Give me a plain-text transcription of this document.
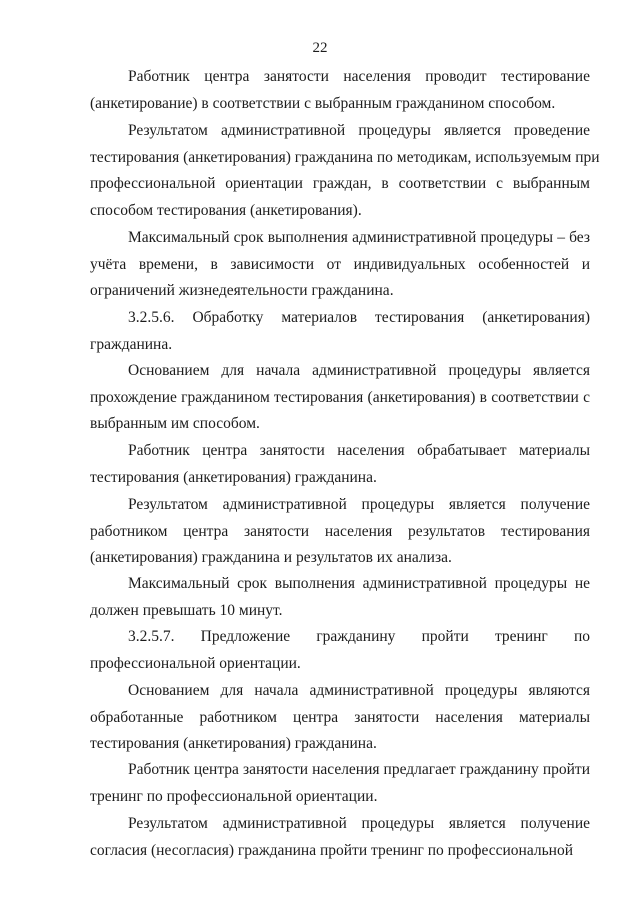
22
Работник центра занятости населения проводит тестирование
(анкетирование) в соответствии с выбранным гражданином способом.
Результатом административной процедуры является проведение
тестирования (анкетирования) гражданина по методикам, используемым при
профессиональной ориентации граждан, в соответствии с выбранным
способом тестирования (анкетирования).
Максимальный срок выполнения административной процедуры – без
учёта времени, в зависимости от индивидуальных особенностей и
ограничений жизнедеятельности гражданина.
3.2.5.6. Обработку материалов тестирования (анкетирования)
гражданина.
Основанием для начала административной процедуры является
прохождение гражданином тестирования (анкетирования) в соответствии с
выбранным им способом.
Работник центра занятости населения обрабатывает материалы
тестирования (анкетирования) гражданина.
Результатом административной процедуры является получение
работником центра занятости населения результатов тестирования
(анкетирования) гражданина и результатов их анализа.
Максимальный срок выполнения административной процедуры не
должен превышать 10 минут.
3.2.5.7. Предложение гражданину пройти тренинг по
профессиональной ориентации.
Основанием для начала административной процедуры являются
обработанные работником центра занятости населения материалы
тестирования (анкетирования) гражданина.
Работник центра занятости населения предлагает гражданину пройти
тренинг по профессиональной ориентации.
Результатом административной процедуры является получение
согласия (несогласия) гражданина пройти тренинг по профессиональной
